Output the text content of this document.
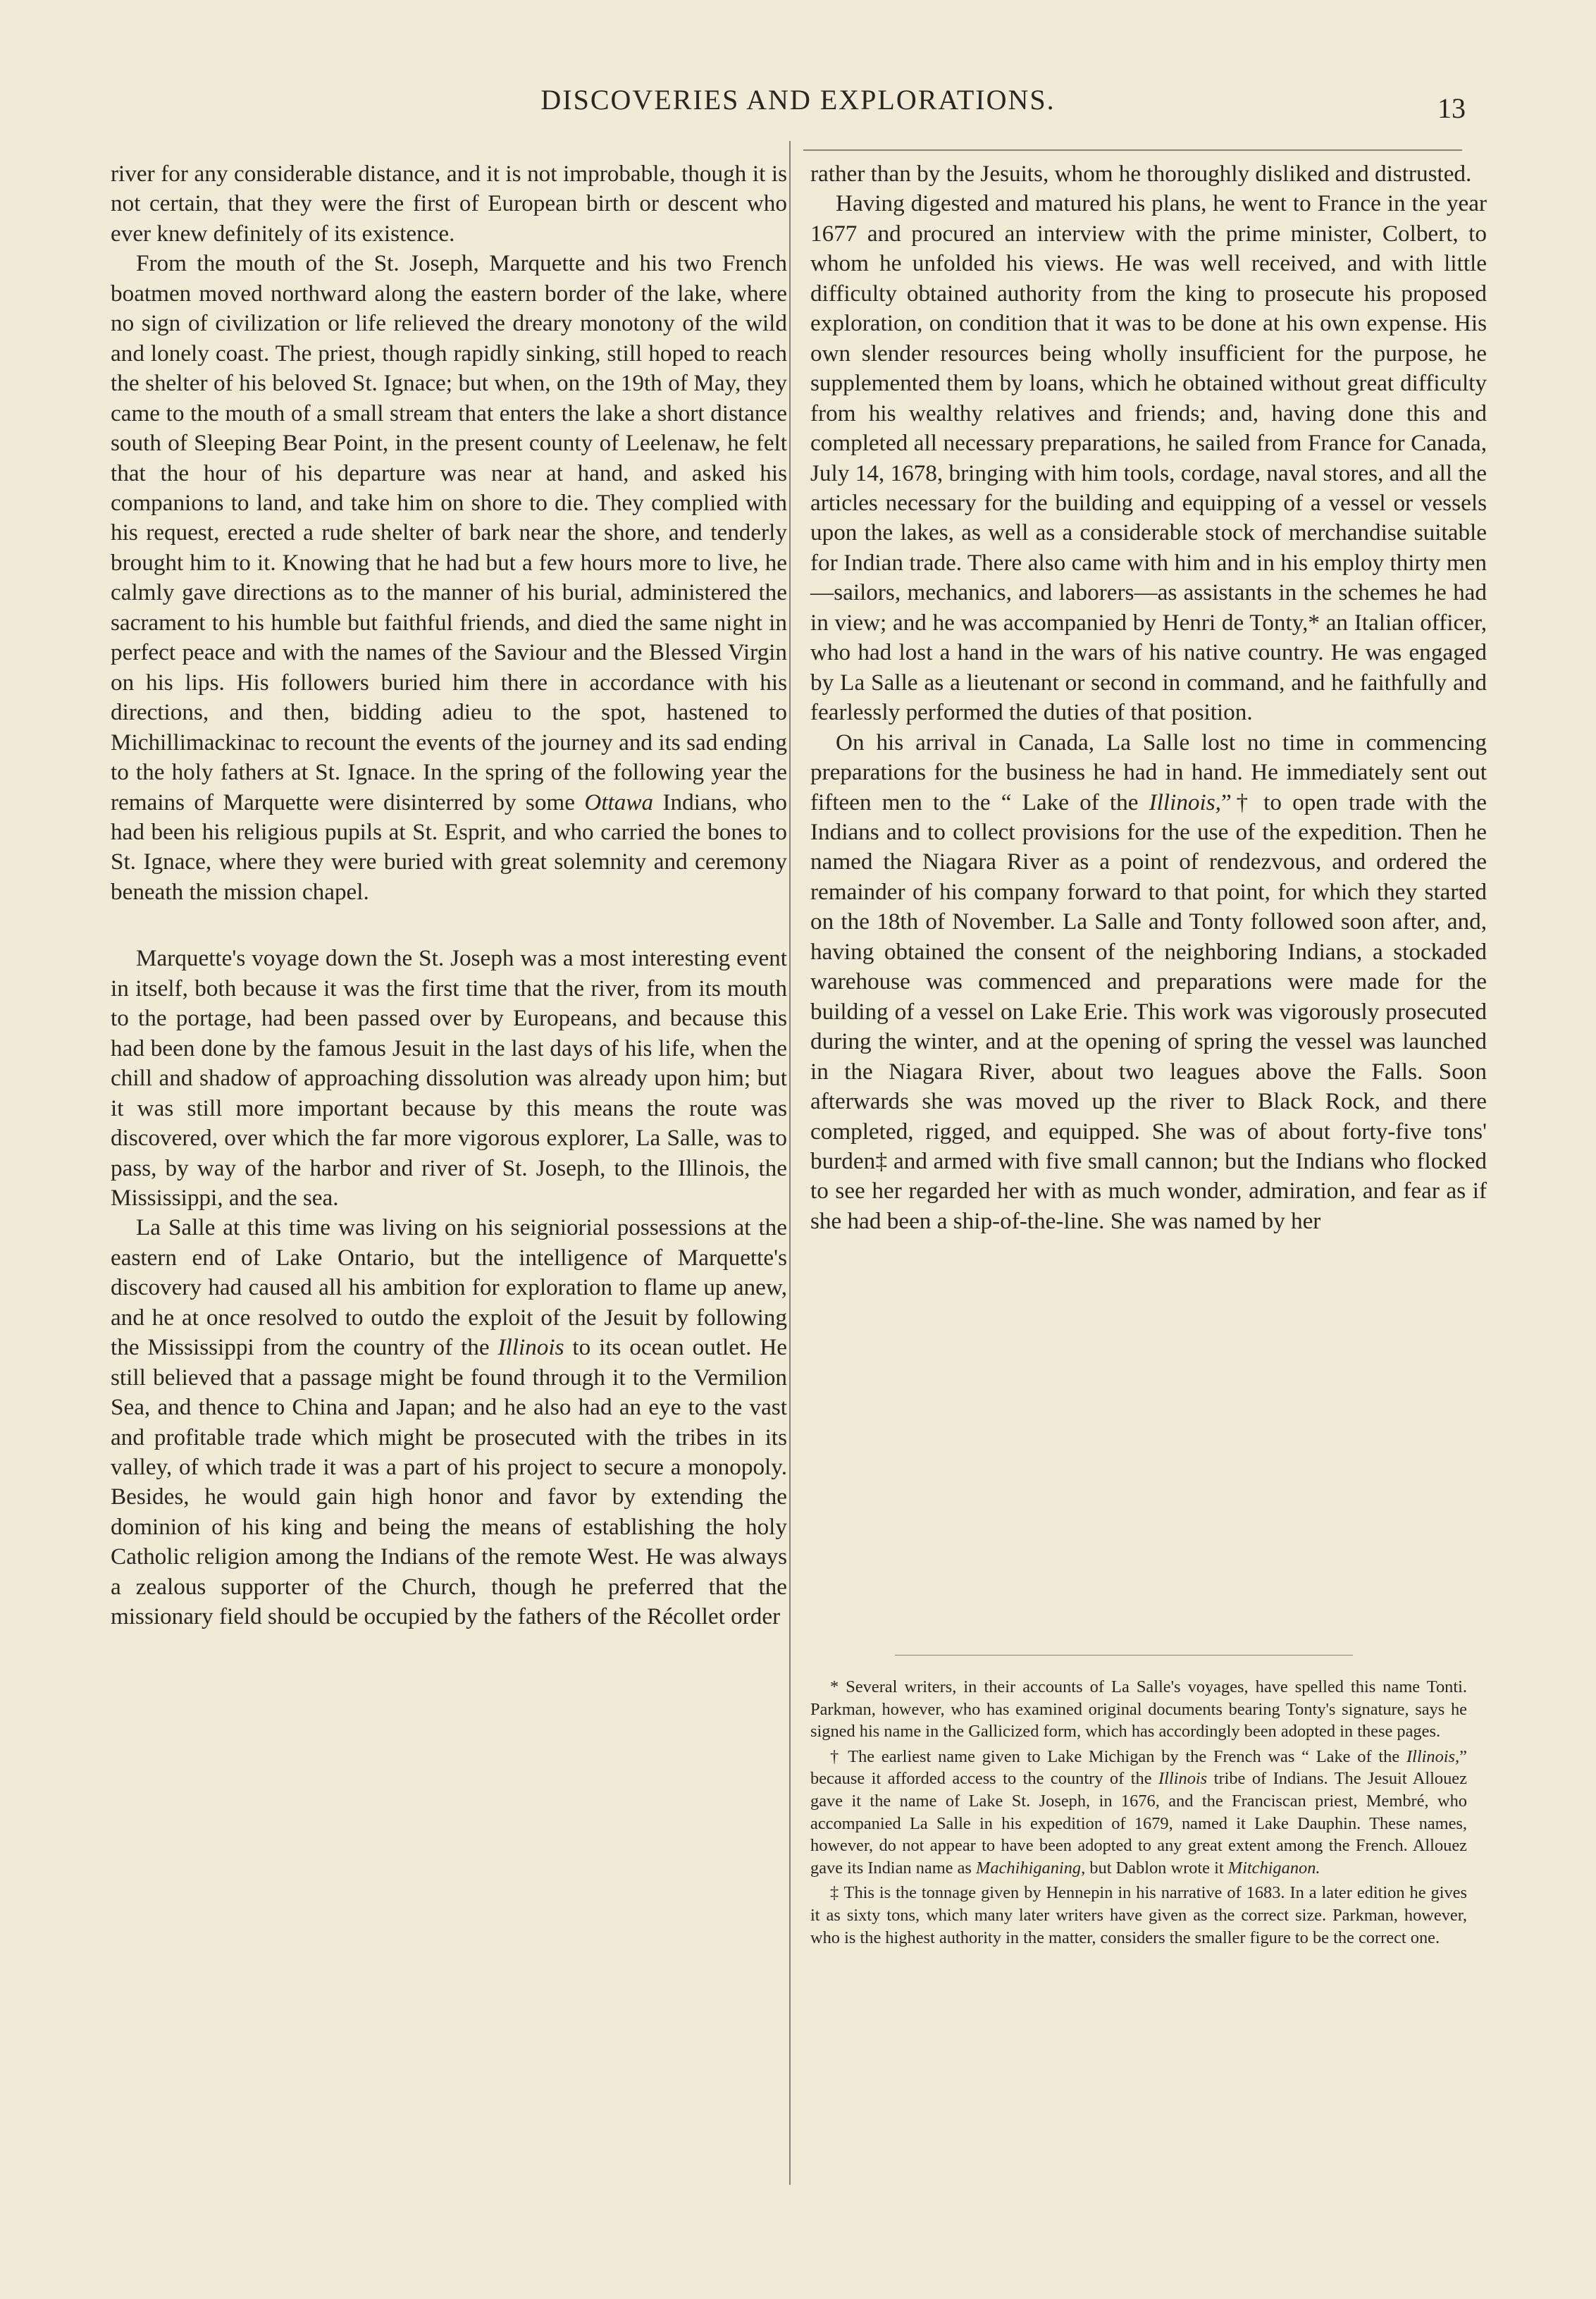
DISCOVERIES AND EXPLORATIONS.	13

river for any considerable distance, and it is not improbable, though it is not certain, that they were the first of European birth or descent who ever knew definitely of its existence.

From the mouth of the St. Joseph, Marquette and his two French boatmen moved northward along the eastern border of the lake, where no sign of civilization or life relieved the dreary monotony of the wild and lonely coast. The priest, though rapidly sinking, still hoped to reach the shelter of his beloved St. Ignace; but when, on the 19th of May, they came to the mouth of a small stream that enters the lake a short distance south of Sleeping Bear Point, in the present county of Leelenaw, he felt that the hour of his departure was near at hand, and asked his companions to land, and take him on shore to die. They complied with his request, erected a rude shelter of bark near the shore, and tenderly brought him to it. Knowing that he had but a few hours more to live, he calmly gave directions as to the manner of his burial, administered the sacrament to his humble but faithful friends, and died the same night in perfect peace and with the names of the Saviour and the Blessed Virgin on his lips. His followers buried him there in accordance with his directions, and then, bidding adieu to the spot, hastened to Michillimackinac to recount the events of the journey and its sad ending to the holy fathers at St. Ignace. In the spring of the following year the remains of Marquette were disinterred by some Ottawa Indians, who had been his religious pupils at St. Esprit, and who carried the bones to St. Ignace, where they were buried with great solemnity and ceremony beneath the mission chapel.

Marquette's voyage down the St. Joseph was a most interesting event in itself, both because it was the first time that the river, from its mouth to the portage, had been passed over by Europeans, and because this had been done by the famous Jesuit in the last days of his life, when the chill and shadow of approaching dissolution was already upon him; but it was still more important because by this means the route was discovered, over which the far more vigorous explorer, La Salle, was to pass, by way of the harbor and river of St. Joseph, to the Illinois, the Mississippi, and the sea.

La Salle at this time was living on his seigniorial possessions at the eastern end of Lake Ontario, but the intelligence of Marquette's discovery had caused all his ambition for exploration to flame up anew, and he at once resolved to outdo the exploit of the Jesuit by following the Mississippi from the country of the Illinois to its ocean outlet. He still believed that a passage might be found through it to the Vermilion Sea, and thence to China and Japan; and he also had an eye to the vast and profitable trade which might be prosecuted with the tribes in its valley, of which trade it was a part of his project to secure a monopoly. Besides, he would gain high honor and favor by extending the dominion of his king and being the means of establishing the holy Catholic religion among the Indians of the remote West. He was always a zealous supporter of the Church, though he preferred that the missionary field should be occupied by the fathers of the Récollet order

rather than by the Jesuits, whom he thoroughly disliked and distrusted.

Having digested and matured his plans, he went to France in the year 1677 and procured an interview with the prime minister, Colbert, to whom he unfolded his views. He was well received, and with little difficulty obtained authority from the king to prosecute his proposed exploration, on condition that it was to be done at his own expense. His own slender resources being wholly insufficient for the purpose, he supplemented them by loans, which he obtained without great difficulty from his wealthy relatives and friends; and, having done this and completed all necessary preparations, he sailed from France for Canada, July 14, 1678, bringing with him tools, cordage, naval stores, and all the articles necessary for the building and equipping of a vessel or vessels upon the lakes, as well as a considerable stock of merchandise suitable for Indian trade. There also came with him and in his employ thirty men—sailors, mechanics, and laborers—as assistants in the schemes he had in view; and he was accompanied by Henri de Tonty,* an Italian officer, who had lost a hand in the wars of his native country. He was engaged by La Salle as a lieutenant or second in command, and he faithfully and fearlessly performed the duties of that position.

On his arrival in Canada, La Salle lost no time in commencing preparations for the business he had in hand. He immediately sent out fifteen men to the “ Lake of the Illinois,”† to open trade with the Indians and to collect provisions for the use of the expedition. Then he named the Niagara River as a point of rendezvous, and ordered the remainder of his company forward to that point, for which they started on the 18th of November. La Salle and Tonty followed soon after, and, having obtained the consent of the neighboring Indians, a stockaded warehouse was commenced and preparations were made for the building of a vessel on Lake Erie. This work was vigorously prosecuted during the winter, and at the opening of spring the vessel was launched in the Niagara River, about two leagues above the Falls. Soon afterwards she was moved up the river to Black Rock, and there completed, rigged, and equipped. She was of about forty-five tons' burden‡ and armed with five small cannon; but the Indians who flocked to see her regarded her with as much wonder, admiration, and fear as if she had been a ship-of-the-line. She was named by her

* Several writers, in their accounts of La Salle's voyages, have spelled this name Tonti. Parkman, however, who has examined original documents bearing Tonty's signature, says he signed his name in the Gallicized form, which has accordingly been adopted in these pages.

† The earliest name given to Lake Michigan by the French was “ Lake of the Illinois,” because it afforded access to the country of the Illinois tribe of Indians. The Jesuit Allouez gave it the name of Lake St. Joseph, in 1676, and the Franciscan priest, Membré, who accompanied La Salle in his expedition of 1679, named it Lake Dauphin. These names, however, do not appear to have been adopted to any great extent among the French. Allouez gave its Indian name as Machihiganing, but Dablon wrote it Mitchiganon.

‡ This is the tonnage given by Hennepin in his narrative of 1683. In a later edition he gives it as sixty tons, which many later writers have given as the correct size. Parkman, however, who is the highest authority in the matter, considers the smaller figure to be the correct one.
